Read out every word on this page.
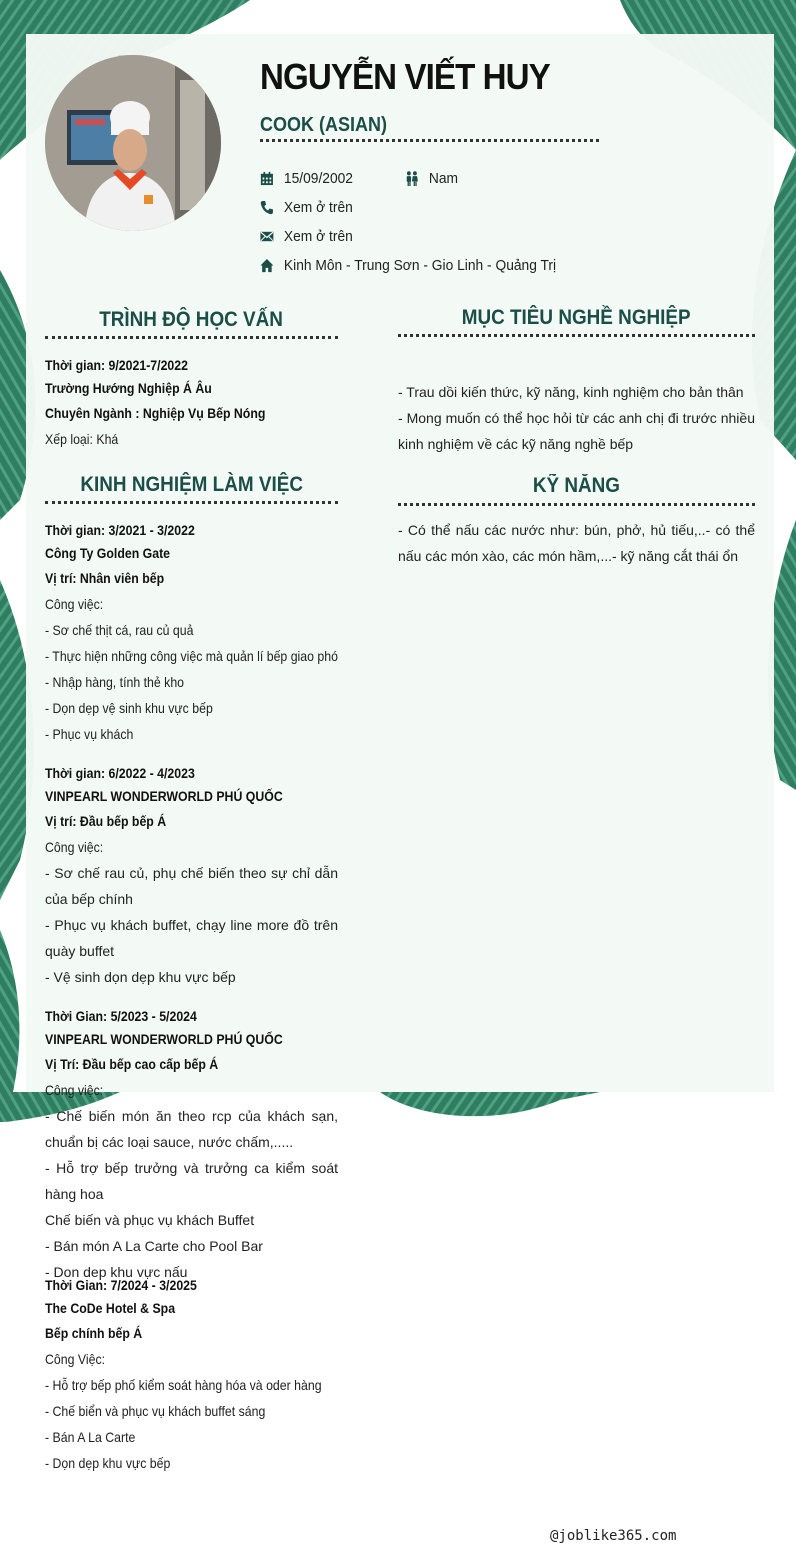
NGUYỄN VIẾT HUY
COOK (ASIAN)
15/09/2002	Nam
Xem ở trên
Xem ở trên
Kinh Môn - Trung Sơn - Gio Linh - Quảng Trị
TRÌNH ĐỘ HỌC VẤN
Thời gian: 9/2021-7/2022
Trường Hướng Nghiệp Á Âu
Chuyên Ngành : Nghiệp Vụ Bếp Nóng
Xếp loại: Khá
MỤC TIÊU NGHỀ NGHIỆP
- Trau dồi kiến thức, kỹ năng, kinh nghiệm cho bản thân
- Mong muốn có thể học hỏi từ các anh chị đi trước nhiều kinh nghiệm về các kỹ năng nghề bếp
KỸ NĂNG
- Có thể nấu các nước như: bún, phở, hủ tiếu,..- có thể nấu các món xào, các món hầm,...- kỹ năng cắt thái ổn
KINH NGHIỆM LÀM VIỆC
Thời gian: 3/2021 - 3/2022
Công Ty Golden Gate
Vị trí: Nhân viên bếp
Công việc:
- Sơ chế thịt cá, rau củ quả
- Thực hiện những công việc mà quản lí bếp giao phó
- Nhập hàng, tính thẻ kho
- Dọn dẹp vệ sinh khu vực bếp
- Phục vụ khách
Thời gian: 6/2022 - 4/2023
VINPEARL WONDERWORLD PHÚ QUỐC
Vị trí: Đầu bếp bếp Á
Công việc:
- Sơ chế rau củ, phụ chế biến theo sự chỉ dẫn của bếp chính
- Phục vụ khách buffet, chạy line more đồ trên quày buffet
- Vệ sinh dọn dẹp khu vực bếp
Thời Gian: 5/2023 - 5/2024
VINPEARL WONDERWORLD PHÚ QUỐC
Vị Trí: Đầu bếp cao cấp bếp Á
Công việc:
- Chế biến món ăn theo rcp của khách sạn, chuẩn bị các loại sauce, nước chấm,.....
- Hỗ trợ bếp trưởng và trưởng ca kiểm soát hàng hoa
Chế biến và phục vụ khách Buffet
- Bán món A La Carte cho Pool Bar
- Don dep khu vực nấu
Thời Gian: 7/2024 - 3/2025
The CoDe Hotel & Spa
Bếp chính bếp Á
Công Việc:
- Hỗ trợ bếp phố kiểm soát hàng hóa và oder hàng
- Chế biển và phục vụ khách buffet sáng
- Bán A La Carte
- Dọn dẹp khu vực bếp
@joblike365.com
